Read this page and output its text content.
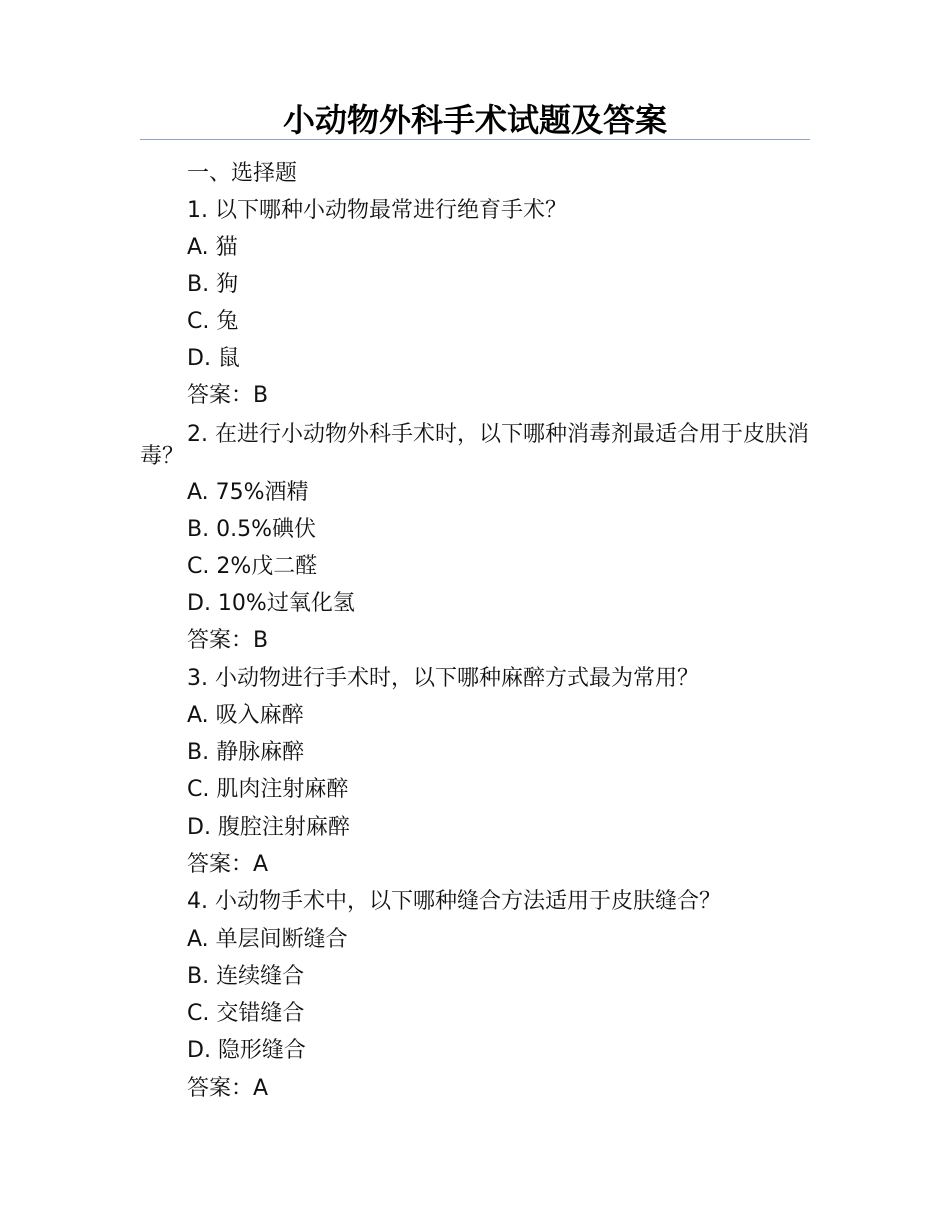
小动物外科手术试题及答案
一、选择题
1. 以下哪种小动物最常进行绝育手术？
A. 猫
B. 狗
C. 兔
D. 鼠
答案：B
2. 在进行小动物外科手术时，以下哪种消毒剂最适合用于皮肤消毒？
A. 75%酒精
B. 0.5%碘伏
C. 2%戊二醛
D. 10%过氧化氢
答案：B
3. 小动物进行手术时，以下哪种麻醉方式最为常用？
A. 吸入麻醉
B. 静脉麻醉
C. 肌肉注射麻醉
D. 腹腔注射麻醉
答案：A
4. 小动物手术中，以下哪种缝合方法适用于皮肤缝合？
A. 单层间断缝合
B. 连续缝合
C. 交错缝合
D. 隐形缝合
答案：A
